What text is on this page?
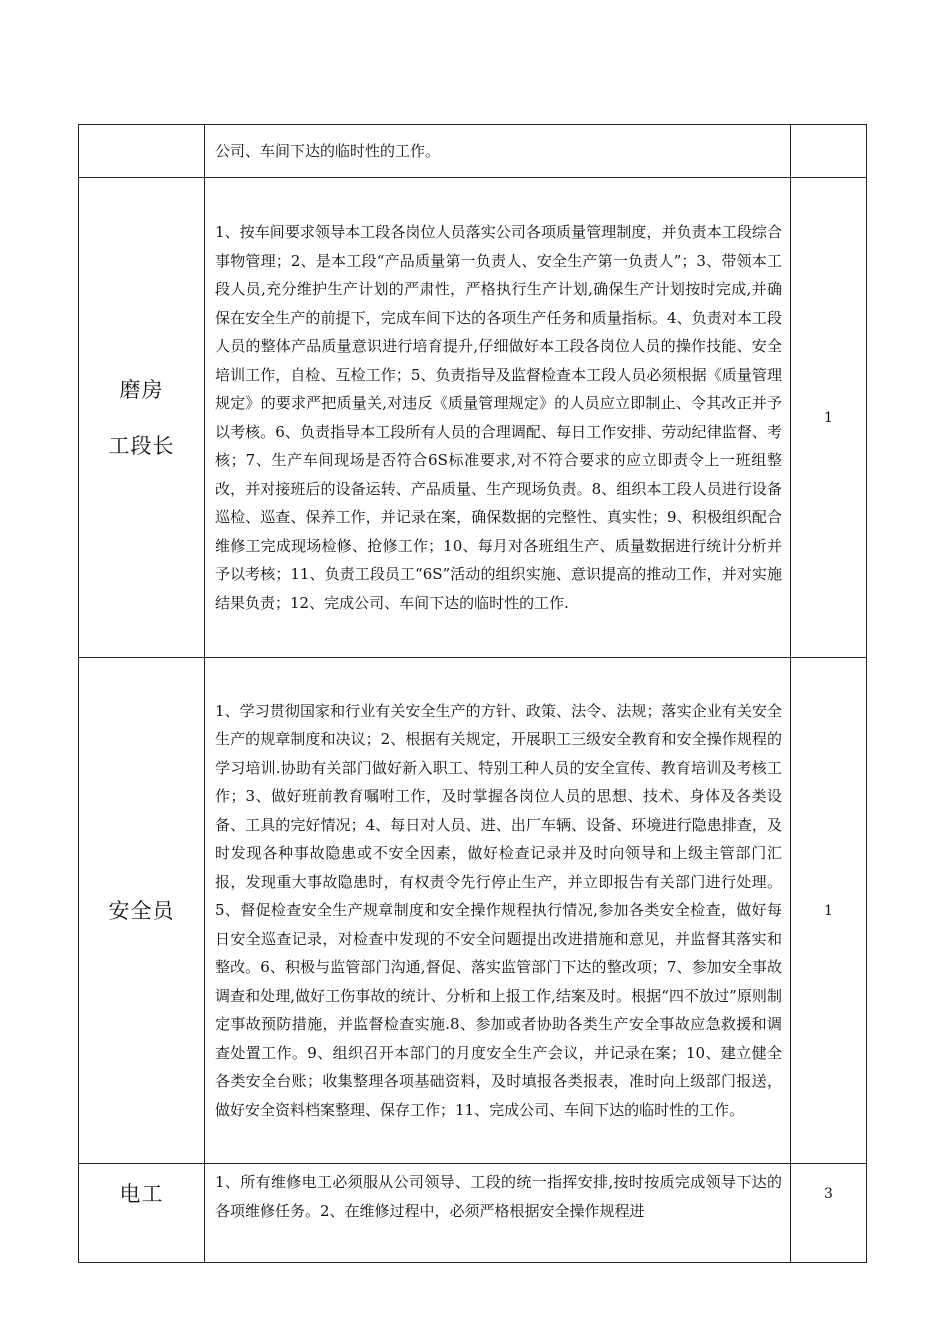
	公司、车间下达的临时性的工作。	

磨房
工段长	1、按车间要求领导本工段各岗位人员落实公司各项质量管理制度，并负责本工段综合事物管理；2、是本工段“产品质量第一负责人、安全生产第一负责人”；3、带领本工段人员,充分维护生产计划的严肃性，严格执行生产计划,确保生产计划按时完成,并确保在安全生产的前提下，完成车间下达的各项生产任务和质量指标。4、负责对本工段人员的整体产品质量意识进行培育提升,仔细做好本工段各岗位人员的操作技能、安全培训工作，自检、互检工作；5、负责指导及监督检查本工段人员必须根据《质量管理规定》的要求严把质量关,对违反《质量管理规定》的人员应立即制止、令其改正并予以考核。6、负责指导本工段所有人员的合理调配、每日工作安排、劳动纪律监督、考核；7、生产车间现场是否符合6S标准要求,对不符合要求的应立即责令上一班组整改，并对接班后的设备运转、产品质量、生产现场负责。8、组织本工段人员进行设备巡检、巡查、保养工作，并记录在案，确保数据的完整性、真实性；9、积极组织配合维修工完成现场检修、抢修工作；10、每月对各班组生产、质量数据进行统计分析并予以考核；11、负责工段员工“6S”活动的组织实施、意识提高的推动工作，并对实施结果负责；12、完成公司、车间下达的临时性的工作.	1

安全员	1、学习贯彻国家和行业有关安全生产的方针、政策、法令、法规；落实企业有关安全生产的规章制度和决议；2、根据有关规定，开展职工三级安全教育和安全操作规程的学习培训.协助有关部门做好新入职工、特别工种人员的安全宣传、教育培训及考核工作；3、做好班前教育嘱咐工作，及时掌握各岗位人员的思想、技术、身体及各类设备、工具的完好情况；4、每日对人员、进、出厂车辆、设备、环境进行隐患排查，及时发现各种事故隐患或不安全因素，做好检查记录并及时向领导和上级主管部门汇报，发现重大事故隐患时，有权责令先行停止生产，并立即报告有关部门进行处理。5、督促检查安全生产规章制度和安全操作规程执行情况,参加各类安全检查，做好每日安全巡查记录，对检查中发现的不安全问题提出改进措施和意见，并监督其落实和整改。6、积极与监管部门沟通,督促、落实监管部门下达的整改项；7、参加安全事故调查和处理,做好工伤事故的统计、分析和上报工作,结案及时。根据“四不放过”原则制定事故预防措施，并监督检查实施.8、参加或者协助各类生产安全事故应急救援和调查处置工作。9、组织召开本部门的月度安全生产会议，并记录在案；10、建立健全各类安全台账；收集整理各项基础资料，及时填报各类报表，准时向上级部门报送，做好安全资料档案整理、保存工作；11、完成公司、车间下达的临时性的工作。	1

电工	1、所有维修电工必须服从公司领导、工段的统一指挥安排,按时按质完成领导下达的各项维修任务。2、在维修过程中，必须严格根据安全操作规程进	3
